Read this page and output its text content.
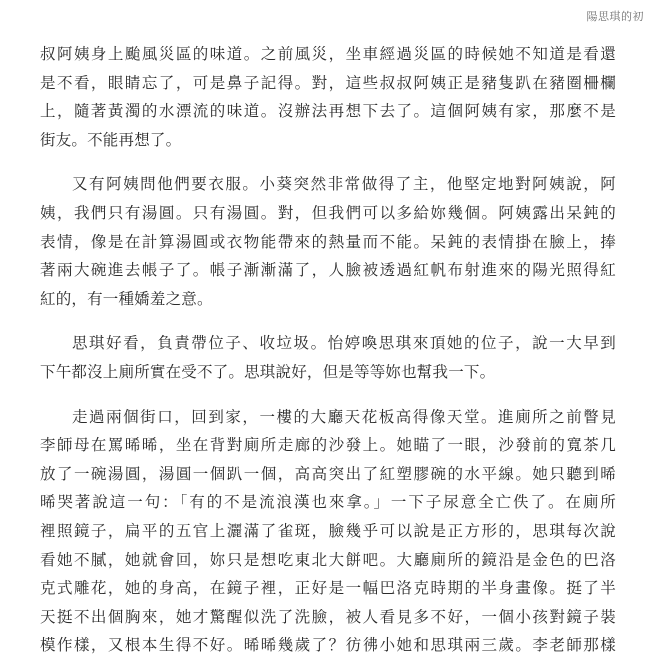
陽思琪的初

叔阿姨身上颱風災區的味道。之前風災，坐車經過災區的時候她不知道是看還
是不看，眼睛忘了，可是鼻子記得。對，這些叔叔阿姨正是豬隻趴在豬圈柵欄
上，隨著黃濁的水漂流的味道。沒辦法再想下去了。這個阿姨有家，那麼不是
街友。不能再想了。

又有阿姨問他們要衣服。小葵突然非常做得了主，他堅定地對阿姨說，阿
姨，我們只有湯圓。只有湯圓。對，但我們可以多給妳幾個。阿姨露出呆鈍的
表情，像是在計算湯圓或衣物能帶來的熱量而不能。呆鈍的表情掛在臉上，捧
著兩大碗進去帳子了。帳子漸漸滿了，人臉被透過紅帆布射進來的陽光照得紅
紅的，有一種嬌羞之意。

思琪好看，負責帶位子、收垃圾。怡婷喚思琪來頂她的位子，說一大早到
下午都沒上廁所實在受不了。思琪說好，但是等等妳也幫我一下。

走過兩個街口，回到家，一樓的大廳天花板高得像天堂。進廁所之前瞥見
李師母在罵晞晞，坐在背對廁所走廊的沙發上。她瞄了一眼，沙發前的寬茶几
放了一碗湯圓，湯圓一個趴一個，高高突出了紅塑膠碗的水平線。她只聽到晞
晞哭著說這一句：「有的不是流浪漢也來拿。」一下子尿意全亡佚了。在廁所
裡照鏡子，扁平的五官上灑滿了雀斑，臉幾乎可以說是正方形的，思琪每次說
看她不膩，她就會回，妳只是想吃東北大餅吧。大廳廁所的鏡沿是金色的巴洛
克式雕花，她的身高，在鏡子裡，正好是一幅巴洛克時期的半身畫像。挺了半
天挺不出個胸來，她才驚醒似洗了洗臉，被人看見多不好，一個小孩對鏡子裝
模作樣，又根本生得不好。晞晞幾歲了？彷彿小她和思琪兩三歲。李老師那樣
